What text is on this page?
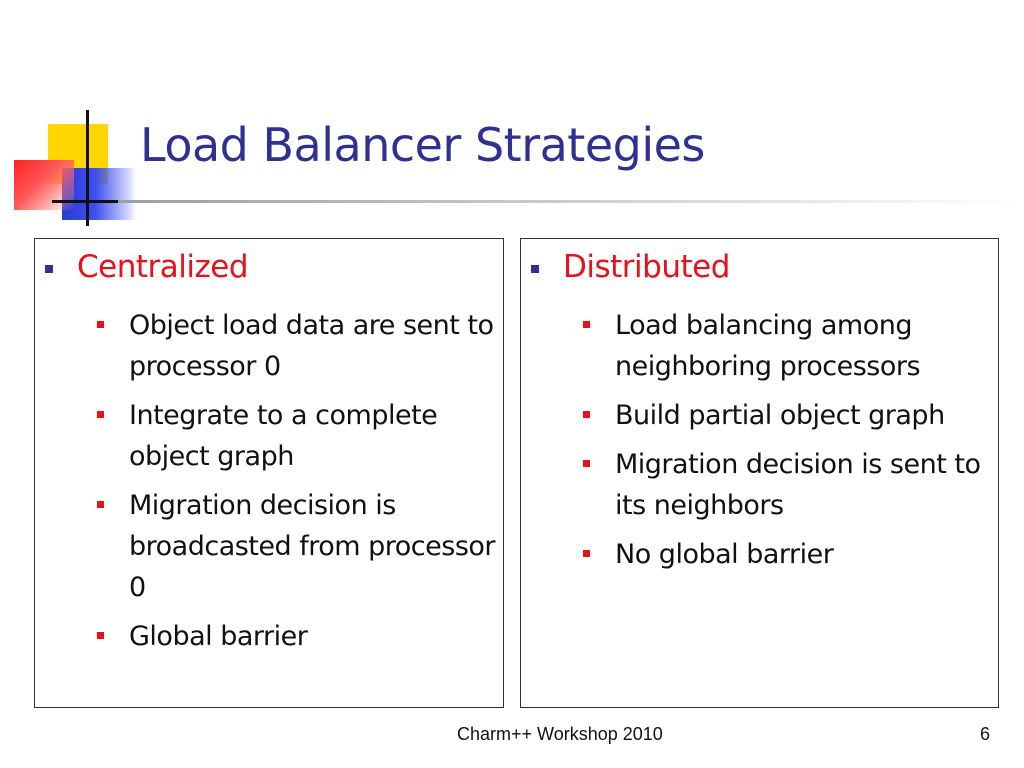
Load Balancer Strategies
Centralized
Object load data are sent to processor 0
Integrate to a complete object graph
Migration decision is broadcasted from processor 0
Global barrier
Distributed
Load balancing among neighboring processors
Build partial object graph
Migration decision is sent to its neighbors
No global barrier
Charm++ Workshop 2010	6
